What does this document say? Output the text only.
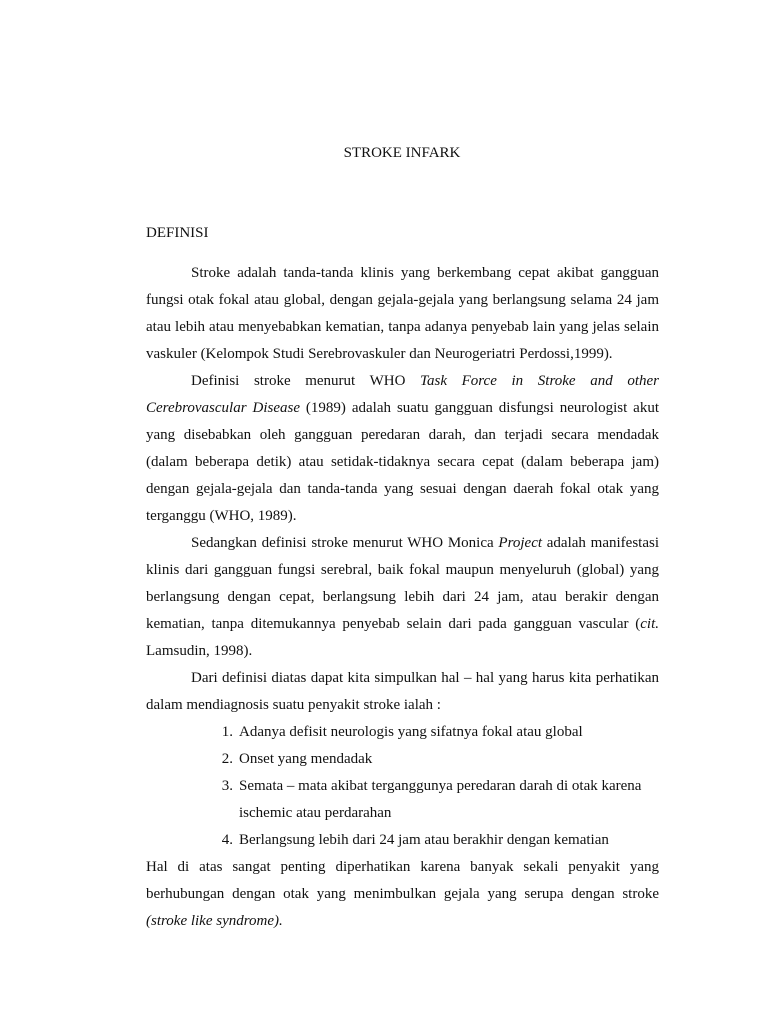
STROKE INFARK
DEFINISI

Stroke adalah tanda-tanda klinis yang berkembang cepat akibat gangguan fungsi otak fokal atau global, dengan gejala-gejala yang berlangsung selama 24 jam atau lebih atau menyebabkan kematian, tanpa adanya penyebab lain yang jelas selain vaskuler (Kelompok Studi Serebrovaskuler dan Neurogeriatri Perdossi,1999).

Definisi stroke menurut WHO Task Force in Stroke and other Cerebrovascular Disease (1989) adalah suatu gangguan disfungsi neurologist akut yang disebabkan oleh gangguan peredaran darah, dan terjadi secara mendadak (dalam beberapa detik) atau setidak-tidaknya secara cepat (dalam beberapa jam) dengan gejala-gejala dan tanda-tanda yang sesuai dengan daerah fokal otak yang terganggu (WHO, 1989).

Sedangkan definisi stroke menurut WHO Monica Project adalah manifestasi klinis dari gangguan fungsi serebral, baik fokal maupun menyeluruh (global) yang berlangsung dengan cepat, berlangsung lebih dari 24 jam, atau berakir dengan kematian, tanpa ditemukannya penyebab selain dari pada gangguan vascular (cit. Lamsudin, 1998).

Dari definisi diatas dapat kita simpulkan hal – hal yang harus kita perhatikan dalam mendiagnosis suatu penyakit stroke ialah :

1. Adanya defisit neurologis yang sifatnya fokal atau global
2. Onset yang mendadak
3. Semata – mata akibat terganggunya peredaran darah di otak karena ischemic atau perdarahan
4. Berlangsung lebih dari 24 jam atau berakhir dengan kematian

Hal di atas sangat penting diperhatikan karena banyak sekali penyakit yang berhubungan dengan otak yang menimbulkan gejala yang serupa dengan stroke (stroke like syndrome).
